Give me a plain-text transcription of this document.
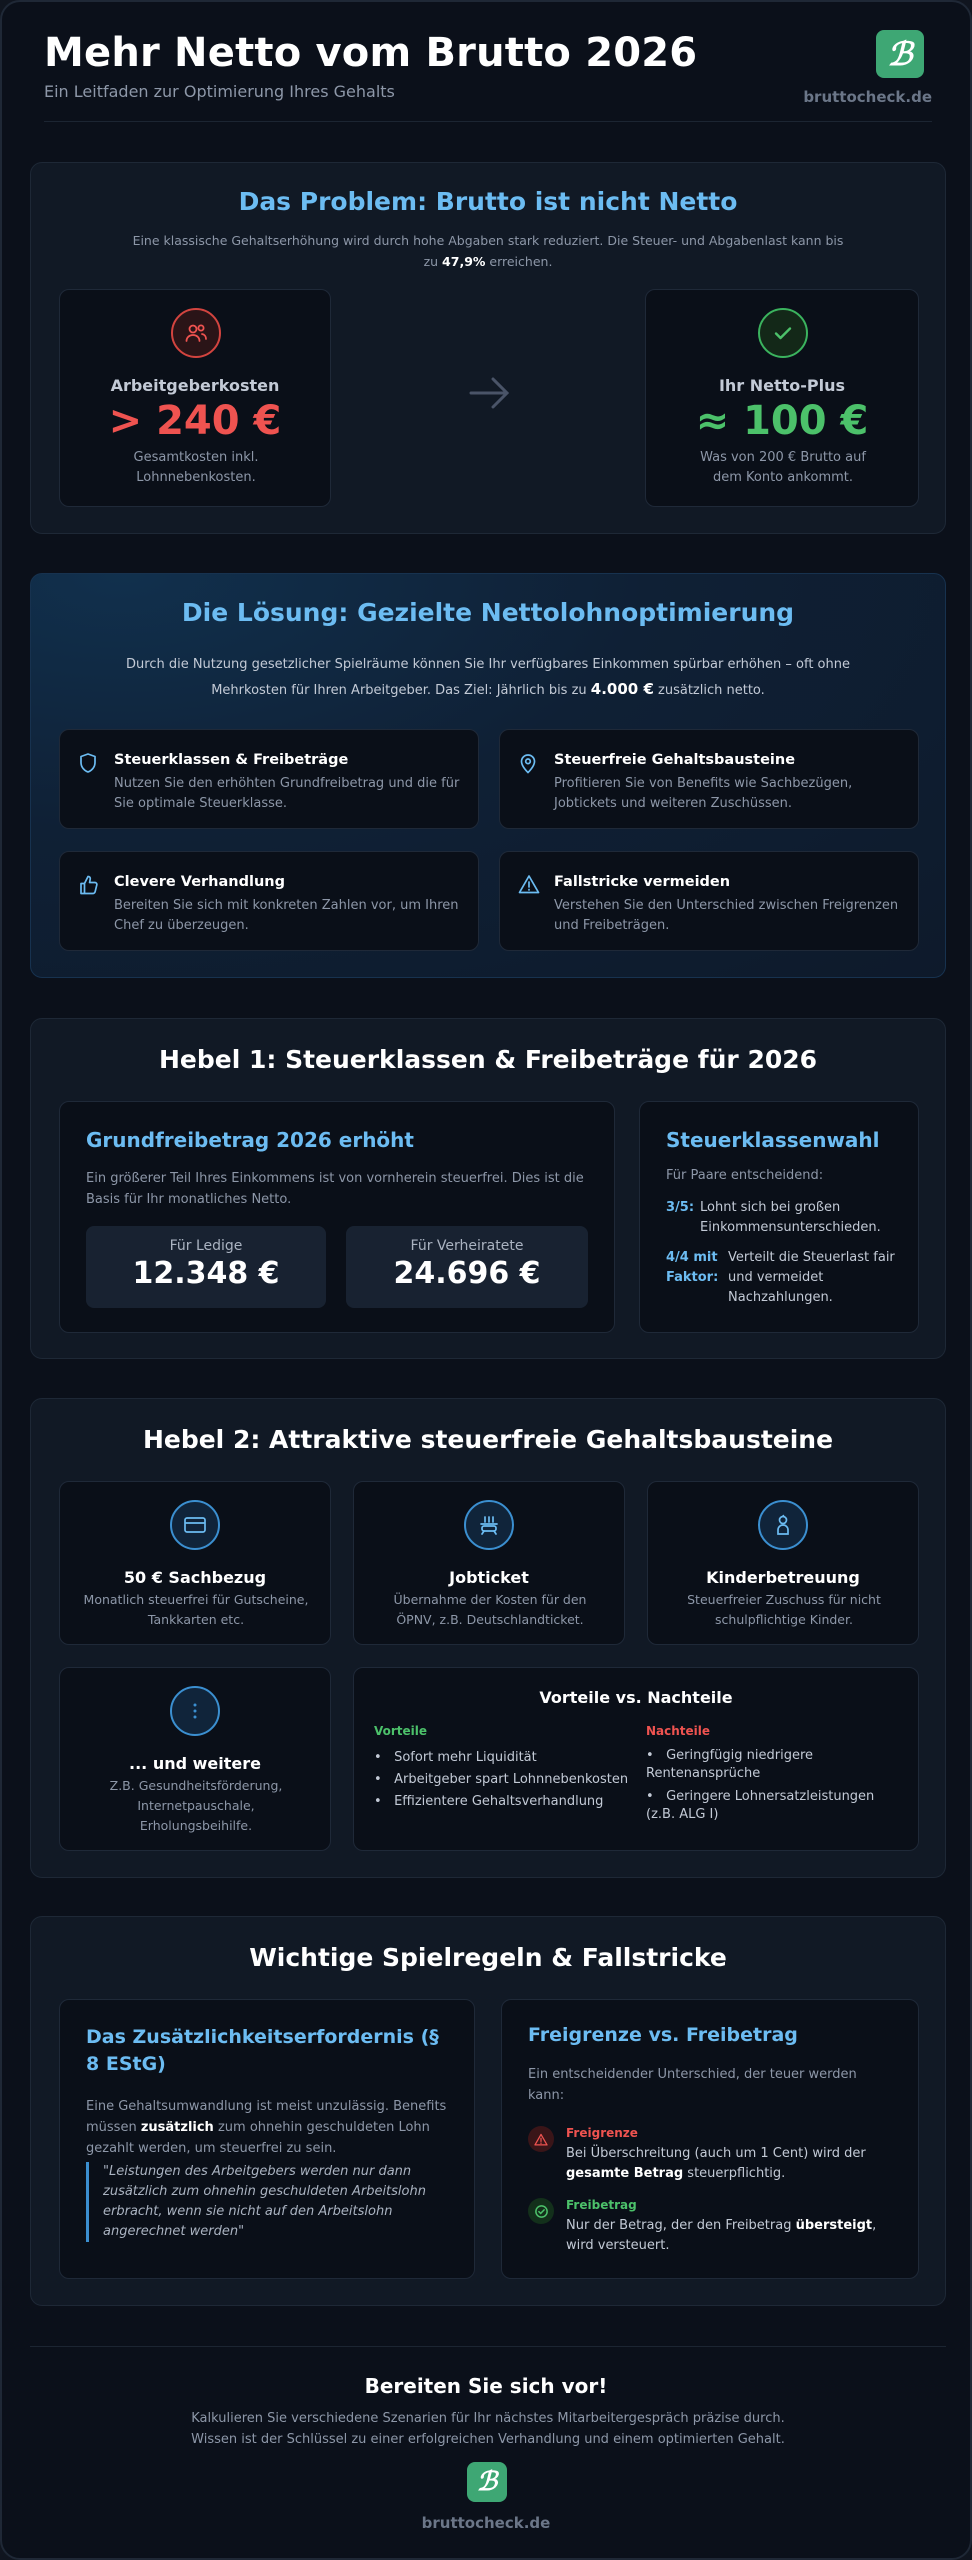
Mehr Netto vom Brutto 2026
Ein Leitfaden zur Optimierung Ihres Gehalts
ℬ
bruttocheck.de
Das Problem: Brutto ist nicht Netto
Eine klassische Gehaltserhöhung wird durch hohe Abgaben stark reduziert. Die Steuer- und Abgabenlast kann bis zu 47,9% erreichen.
Arbeitgeberkosten
> 240 €
Gesamtkosten inkl. Lohnnebenkosten.
Ihr Netto-Plus
≈ 100 €
Was von 200 € Brutto auf dem Konto ankommt.
Die Lösung: Gezielte Nettolohnoptimierung
Durch die Nutzung gesetzlicher Spielräume können Sie Ihr verfügbares Einkommen spürbar erhöhen – oft ohne Mehrkosten für Ihren Arbeitgeber. Das Ziel: Jährlich bis zu 4.000 € zusätzlich netto.
Steuerklassen & Freibeträge
Nutzen Sie den erhöhten Grundfreibetrag und die für Sie optimale Steuerklasse.
Steuerfreie Gehaltsbausteine
Profitieren Sie von Benefits wie Sachbezügen, Jobtickets und weiteren Zuschüssen.
Clevere Verhandlung
Bereiten Sie sich mit konkreten Zahlen vor, um Ihren Chef zu überzeugen.
Fallstricke vermeiden
Verstehen Sie den Unterschied zwischen Freigrenzen und Freibeträgen.
Hebel 1: Steuerklassen & Freibeträge für 2026
Grundfreibetrag 2026 erhöht
Ein größerer Teil Ihres Einkommens ist von vornherein steuerfrei. Dies ist die Basis für Ihr monatliches Netto.
Für Ledige
12.348 €
Für Verheiratete
24.696 €
Steuerklassenwahl
Für Paare entscheidend:
3/5: Lohnt sich bei großen Einkommensunterschieden.
4/4 mit Faktor:
Verteilt die Steuerlast fair und vermeidet Nachzahlungen.
Hebel 2: Attraktive steuerfreie Gehaltsbausteine
50 € Sachbezug
Monatlich steuerfrei für Gutscheine, Tankkarten etc.
Jobticket
Übernahme der Kosten für den ÖPNV, z.B. Deutschlandticket.
Kinderbetreuung
Steuerfreier Zuschuss für nicht schulpflichtige Kinder.
... und weitere
Z.B. Gesundheitsförderung, Internetpauschale, Erholungsbeihilfe.
Vorteile vs. Nachteile
Vorteile
•   Sofort mehr Liquidität
•   Arbeitgeber spart Lohnnebenkosten
•   Effizientere Gehaltsverhandlung
Nachteile
•   Geringfügig niedrigere Rentenansprüche
•   Geringere Lohnersatzleistungen (z.B. ALG I)
Wichtige Spielregeln & Fallstricke
Das Zusätzlichkeitserfordernis (§ 8 EStG)
Eine Gehaltsumwandlung ist meist unzulässig. Benefits müssen zusätzlich zum ohnehin geschuldeten Lohn gezahlt werden, um steuerfrei zu sein.
"Leistungen des Arbeitgebers werden nur dann zusätzlich zum ohnehin geschuldeten Arbeitslohn erbracht, wenn sie nicht auf den Arbeitslohn angerechnet werden"
Freigrenze vs. Freibetrag
Ein entscheidender Unterschied, der teuer werden kann:
Freigrenze
Bei Überschreitung (auch um 1 Cent) wird der gesamte Betrag steuerpflichtig.
Freibetrag
Nur der Betrag, der den Freibetrag übersteigt, wird versteuert.
Bereiten Sie sich vor!
Kalkulieren Sie verschiedene Szenarien für Ihr nächstes Mitarbeitergespräch präzise durch. Wissen ist der Schlüssel zu einer erfolgreichen Verhandlung und einem optimierten Gehalt.
ℬ
bruttocheck.de
